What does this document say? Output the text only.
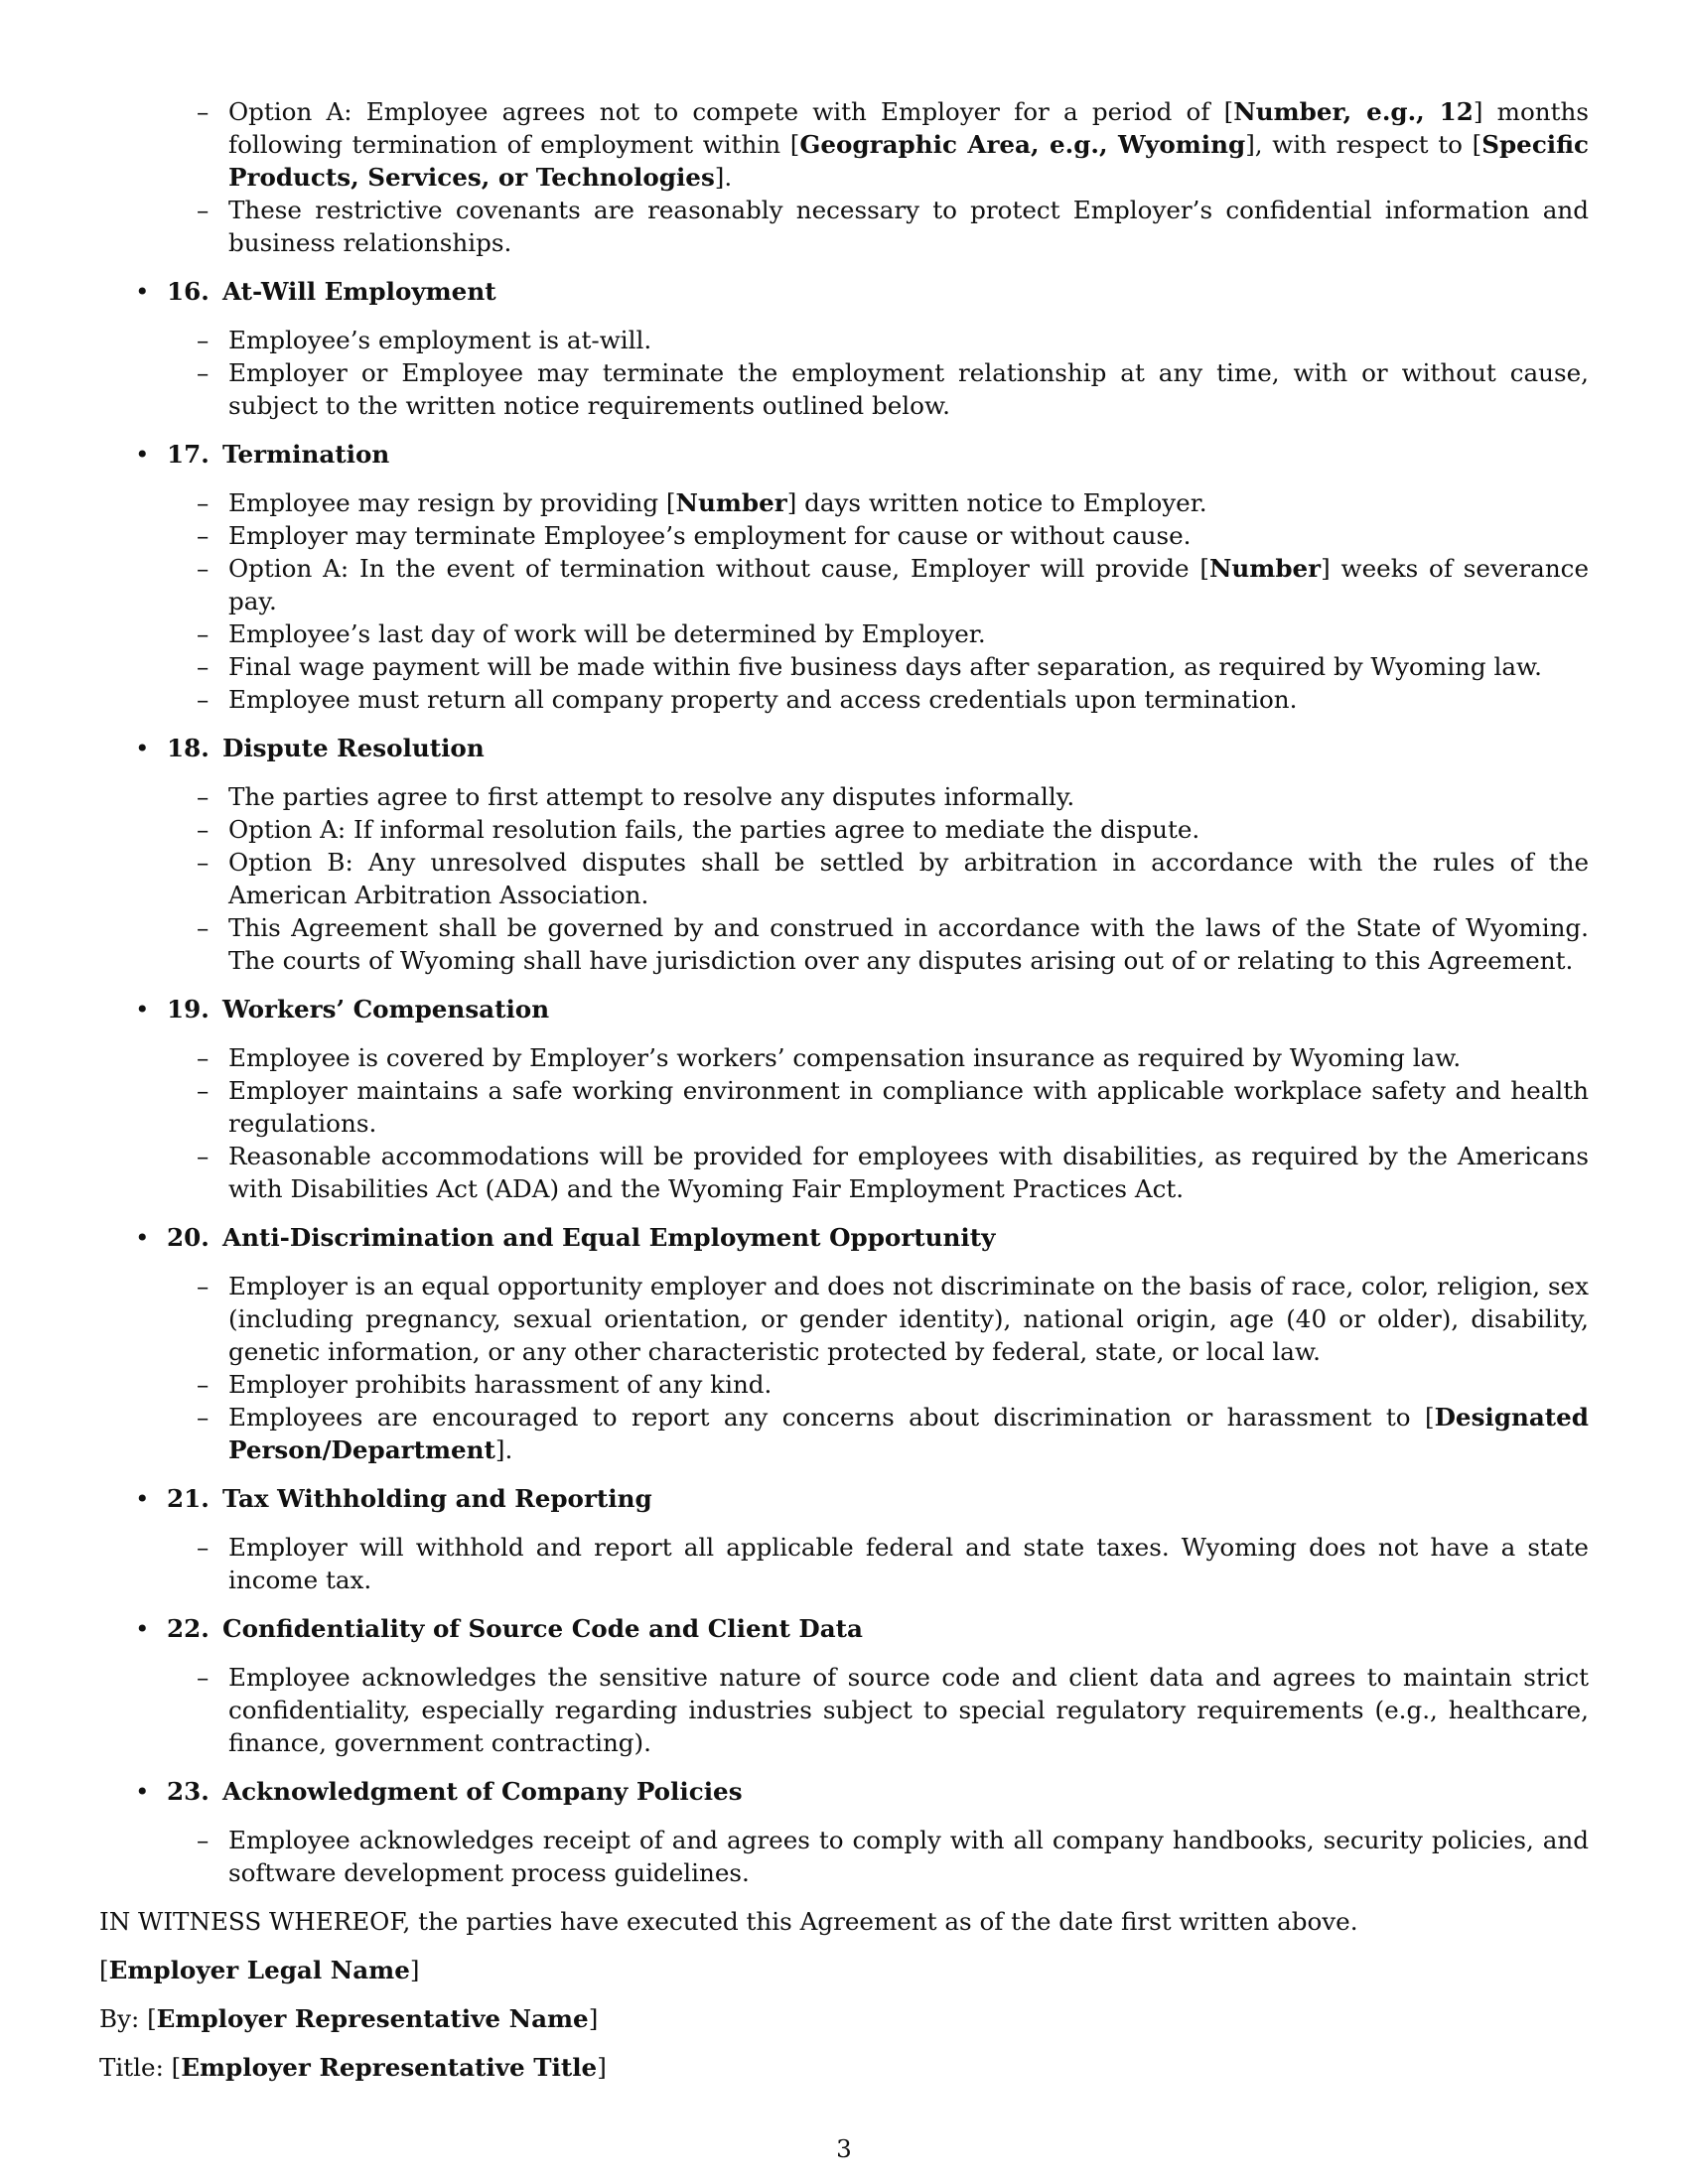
– Option A: Employee agrees not to compete with Employer for a period of [Number, e.g., 12] months following termination of employment within [Geographic Area, e.g., Wyoming], with respect to [Specific Products, Services, or Technologies].
– These restrictive covenants are reasonably necessary to protect Employer’s confidential information and business relationships.
• 16. At-Will Employment
– Employee’s employment is at-will.
– Employer or Employee may terminate the employment relationship at any time, with or without cause, subject to the written notice requirements outlined below.
• 17. Termination
– Employee may resign by providing [Number] days written notice to Employer.
– Employer may terminate Employee’s employment for cause or without cause.
– Option A: In the event of termination without cause, Employer will provide [Number] weeks of severance pay.
– Employee’s last day of work will be determined by Employer.
– Final wage payment will be made within five business days after separation, as required by Wyoming law.
– Employee must return all company property and access credentials upon termination.
• 18. Dispute Resolution
– The parties agree to first attempt to resolve any disputes informally.
– Option A: If informal resolution fails, the parties agree to mediate the dispute.
– Option B: Any unresolved disputes shall be settled by arbitration in accordance with the rules of the American Arbitration Association.
– This Agreement shall be governed by and construed in accordance with the laws of the State of Wyoming. The courts of Wyoming shall have jurisdiction over any disputes arising out of or relating to this Agreement.
• 19. Workers’ Compensation
– Employee is covered by Employer’s workers’ compensation insurance as required by Wyoming law.
– Employer maintains a safe working environment in compliance with applicable workplace safety and health regulations.
– Reasonable accommodations will be provided for employees with disabilities, as required by the Americans with Disabilities Act (ADA) and the Wyoming Fair Employment Practices Act.
• 20. Anti-Discrimination and Equal Employment Opportunity
– Employer is an equal opportunity employer and does not discriminate on the basis of race, color, religion, sex (including pregnancy, sexual orientation, or gender identity), national origin, age (40 or older), disability, genetic information, or any other characteristic protected by federal, state, or local law.
– Employer prohibits harassment of any kind.
– Employees are encouraged to report any concerns about discrimination or harassment to [Designated Person/Department].
• 21. Tax Withholding and Reporting
– Employer will withhold and report all applicable federal and state taxes. Wyoming does not have a state income tax.
• 22. Confidentiality of Source Code and Client Data
– Employee acknowledges the sensitive nature of source code and client data and agrees to maintain strict confidentiality, especially regarding industries subject to special regulatory requirements (e.g., healthcare, finance, government contracting).
• 23. Acknowledgment of Company Policies
– Employee acknowledges receipt of and agrees to comply with all company handbooks, security policies, and software development process guidelines.
IN WITNESS WHEREOF, the parties have executed this Agreement as of the date first written above.
[Employer Legal Name]
By: [Employer Representative Name]
Title: [Employer Representative Title]
3
